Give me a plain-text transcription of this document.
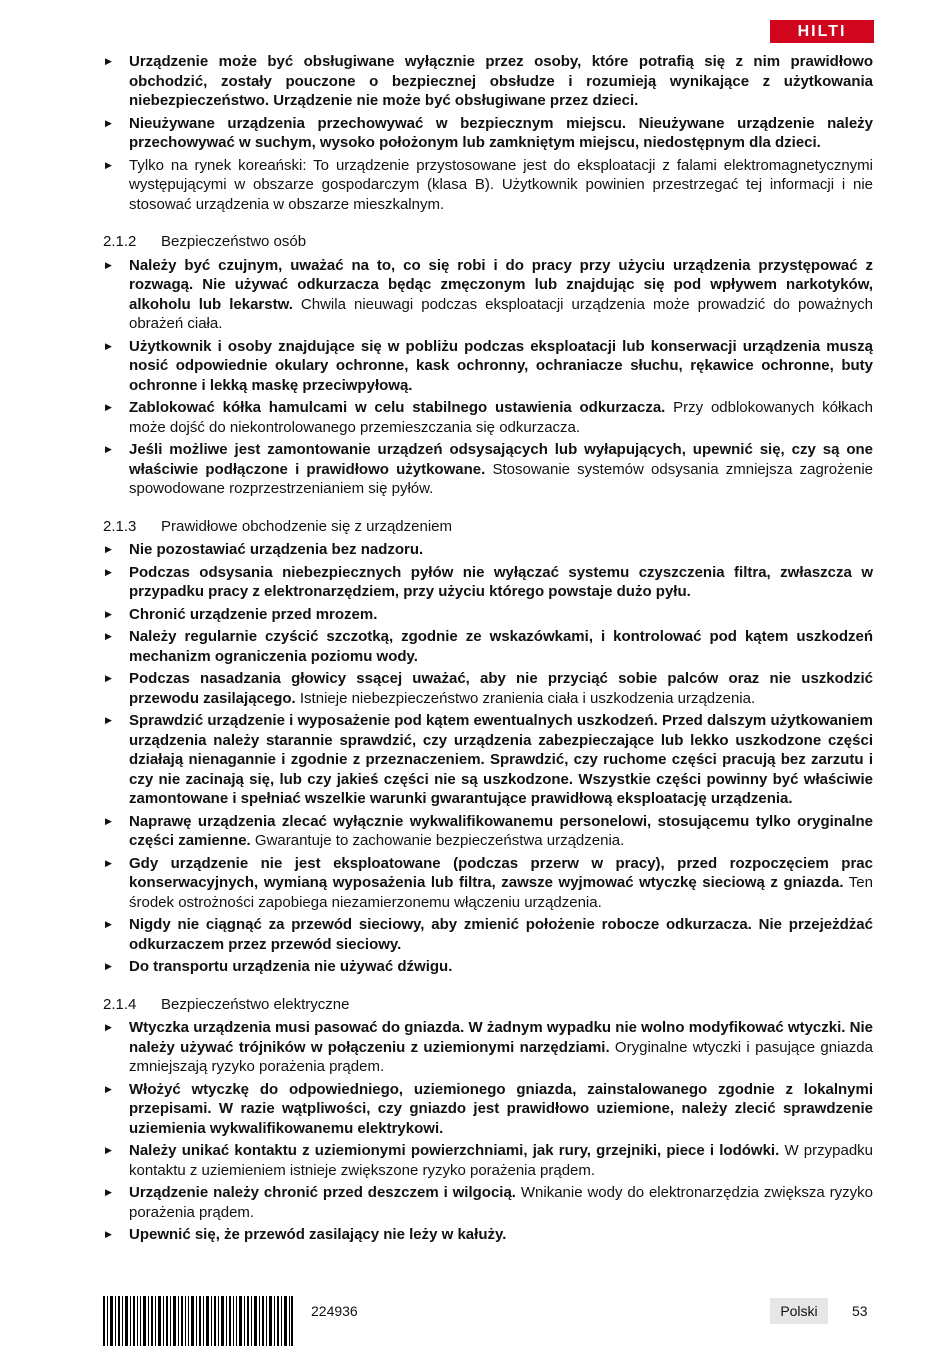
HILTI
▶ Urządzenie może być obsługiwane wyłącznie przez osoby, które potrafią się z nim prawidłowo obchodzić, zostały pouczone o bezpiecznej obsłudze i rozumieją wynikające z użytkowania niebezpieczeństwo. Urządzenie nie może być obsługiwane przez dzieci.
▶ Nieużywane urządzenia przechowywać w bezpiecznym miejscu. Nieużywane urządzenie należy przechowywać w suchym, wysoko położonym lub zamkniętym miejscu, niedostępnym dla dzieci.
▶ Tylko na rynek koreański: To urządzenie przystosowane jest do eksploatacji z falami elektromagnetycznymi występującymi w obszarze gospodarczym (klasa B). Użytkownik powinien przestrzegać tej informacji i nie stosować urządzenia w obszarze mieszkalnym.
2.1.2	Bezpieczeństwo osób
▶ Należy być czujnym, uważać na to, co się robi i do pracy przy użyciu urządzenia przystępować z rozwagą. Nie używać odkurzacza będąc zmęczonym lub znajdując się pod wpływem narkotyków, alkoholu lub lekarstw. Chwila nieuwagi podczas eksploatacji urządzenia może prowadzić do poważnych obrażeń ciała.
▶ Użytkownik i osoby znajdujące się w pobliżu podczas eksploatacji lub konserwacji urządzenia muszą nosić odpowiednie okulary ochronne, kask ochronny, ochraniacze słuchu, rękawice ochronne, buty ochronne i lekką maskę przeciwpyłową.
▶ Zablokować kółka hamulcami w celu stabilnego ustawienia odkurzacza. Przy odblokowanych kółkach może dojść do niekontrolowanego przemieszczania się odkurzacza.
▶ Jeśli możliwe jest zamontowanie urządzeń odsysających lub wyłapujących, upewnić się, czy są one właściwie podłączone i prawidłowo użytkowane. Stosowanie systemów odsysania zmniejsza zagrożenie spowodowane rozprzestrzenianiem się pyłów.
2.1.3	Prawidłowe obchodzenie się z urządzeniem
▶ Nie pozostawiać urządzenia bez nadzoru.
▶ Podczas odsysania niebezpiecznych pyłów nie wyłączać systemu czyszczenia filtra, zwłaszcza w przypadku pracy z elektronarzędziem, przy użyciu którego powstaje dużo pyłu.
▶ Chronić urządzenie przed mrozem.
▶ Należy regularnie czyścić szczotką, zgodnie ze wskazówkami, i kontrolować pod kątem uszkodzeń mechanizm ograniczenia poziomu wody.
▶ Podczas nasadzania głowicy ssącej uważać, aby nie przyciąć sobie palców oraz nie uszkodzić przewodu zasilającego. Istnieje niebezpieczeństwo zranienia ciała i uszkodzenia urządzenia.
▶ Sprawdzić urządzenie i wyposażenie pod kątem ewentualnych uszkodzeń. Przed dalszym użytkowaniem urządzenia należy starannie sprawdzić, czy urządzenia zabezpieczające lub lekko uszkodzone części działają nienagannie i zgodnie z przeznaczeniem. Sprawdzić, czy ruchome części pracują bez zarzutu i czy nie zacinają się, lub czy jakieś części nie są uszkodzone. Wszystkie części powinny być właściwie zamontowane i spełniać wszelkie warunki gwarantujące prawidłową eksploatację urządzenia.
▶ Naprawę urządzenia zlecać wyłącznie wykwalifikowanemu personelowi, stosującemu tylko oryginalne części zamienne. Gwarantuje to zachowanie bezpieczeństwa urządzenia.
▶ Gdy urządzenie nie jest eksploatowane (podczas przerw w pracy), przed rozpoczęciem prac konserwacyjnych, wymianą wyposażenia lub filtra, zawsze wyjmować wtyczkę sieciową z gniazda. Ten środek ostrożności zapobiega niezamierzonemu włączeniu urządzenia.
▶ Nigdy nie ciągnąć za przewód sieciowy, aby zmienić położenie robocze odkurzacza. Nie przejeżdżać odkurzaczem przez przewód sieciowy.
▶ Do transportu urządzenia nie używać dźwigu.
2.1.4	Bezpieczeństwo elektryczne
▶ Wtyczka urządzenia musi pasować do gniazda. W żadnym wypadku nie wolno modyfikować wtyczki. Nie należy używać trójników w połączeniu z uziemionymi narzędziami. Oryginalne wtyczki i pasujące gniazda zmniejszają ryzyko porażenia prądem.
▶ Włożyć wtyczkę do odpowiedniego, uziemionego gniazda, zainstalowanego zgodnie z lokalnymi przepisami. W razie wątpliwości, czy gniazdo jest prawidłowo uziemione, należy zlecić sprawdzenie uziemienia wykwalifikowanemu elektrykowi.
▶ Należy unikać kontaktu z uziemionymi powierzchniami, jak rury, grzejniki, piece i lodówki. W przypadku kontaktu z uziemieniem istnieje zwiększone ryzyko porażenia prądem.
▶ Urządzenie należy chronić przed deszczem i wilgocią. Wnikanie wody do elektronarzędzia zwiększa ryzyko porażenia prądem.
▶ Upewnić się, że przewód zasilający nie leży w kałuży.
224936	Polski	53
